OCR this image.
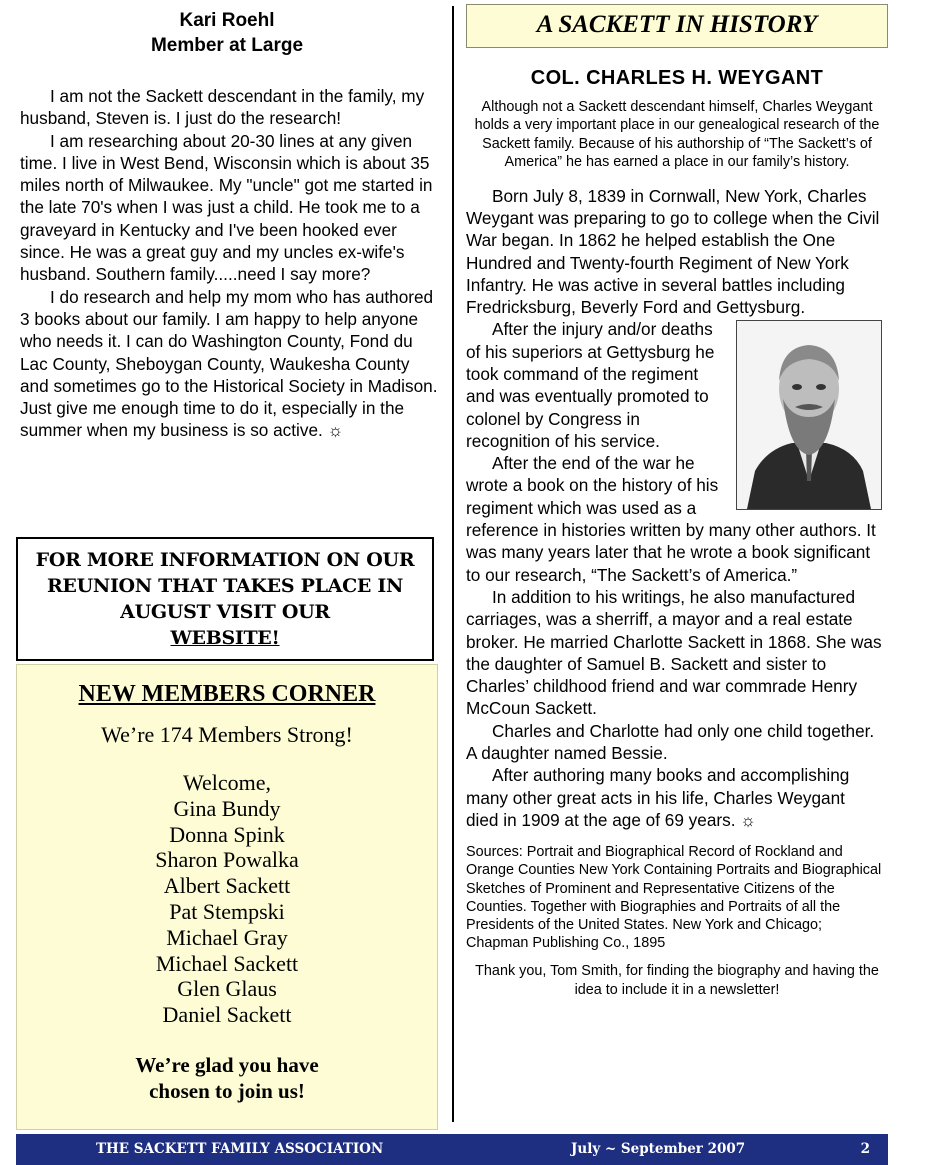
Kari Roehl

Member at Large

I am not the Sackett descendant in the family, my husband, Steven is. I just do the research!

I am researching about 20-30 lines at any given time. I live in West Bend, Wisconsin which is about 35 miles north of Milwaukee. My "uncle" got me started in the late 70's when I was just a child. He took me to a graveyard in Kentucky and I've been hooked ever since. He was a great guy and my uncles ex-wife's husband. Southern family.....need I say more?

I do research and help my mom who has authored 3 books about our family. I am happy to help anyone who needs it. I can do Washington County, Fond du Lac County, Sheboygan County, Waukesha County and sometimes go to the Historical Society in Madison. Just give me enough time to do it, especially in the summer when my business is so active. ☼

FOR MORE INFORMATION ON OUR REUNION THAT TAKES PLACE IN AUGUST VISIT OUR
WEBSITE!
NEW MEMBERS CORNER
We’re 174 Members Strong!
Welcome,
Gina Bundy
Donna Spink
Sharon Powalka
Albert Sackett
Pat Stempski
Michael Gray
Michael Sackett
Glen Glaus
Daniel Sackett
We’re glad you have
chosen to join us!
A SACKETT IN HISTORY
COL. CHARLES H. WEYGANT
Although not a Sackett descendant himself, Charles Weygant holds a very important place in our genealogical research of the Sackett family. Because of his authorship of “The Sackett’s of America” he has earned a place in our family’s history.

Born July 8, 1839 in Cornwall, New York, Charles Weygant was preparing to go to college when the Civil War began. In 1862 he helped establish the One Hundred and Twenty-fourth Regiment of New York Infantry. He was active in several battles including Fredricksburg, Beverly Ford and Gettysburg.

After the injury and/or deaths of his superiors at Gettysburg he took command of the regiment and was eventually promoted to colonel by Congress in recognition of his service.

After the end of the war he wrote a book on the history of his regiment which was used as a reference in histories written by many other authors. It was many years later that he wrote a book significant to our research, “The Sackett’s of America.”

In addition to his writings, he also manufactured carriages, was a sherriff, a mayor and a real estate broker. He married Charlotte Sackett in 1868. She was the daughter of Samuel B. Sackett and sister to Charles’ childhood friend and war commrade Henry McCoun Sackett.

Charles and Charlotte had only one child together. A daughter named Bessie.

After authoring many books and accomplishing many other great acts in his life, Charles Weygant died in 1909 at the age of 69 years. ☼

Sources: Portrait and Biographical Record of Rockland and Orange Counties New York Containing Portraits and Biographical Sketches of Prominent and Representative Citizens of the Counties. Together with Biographies and Portraits of all the Presidents of the United States. New York and Chicago; Chapman Publishing Co., 1895
Thank you, Tom Smith, for finding the biography and having the idea to include it in a newsletter!
THE SACKETT FAMILY ASSOCIATION	July ~ September 2007	2
